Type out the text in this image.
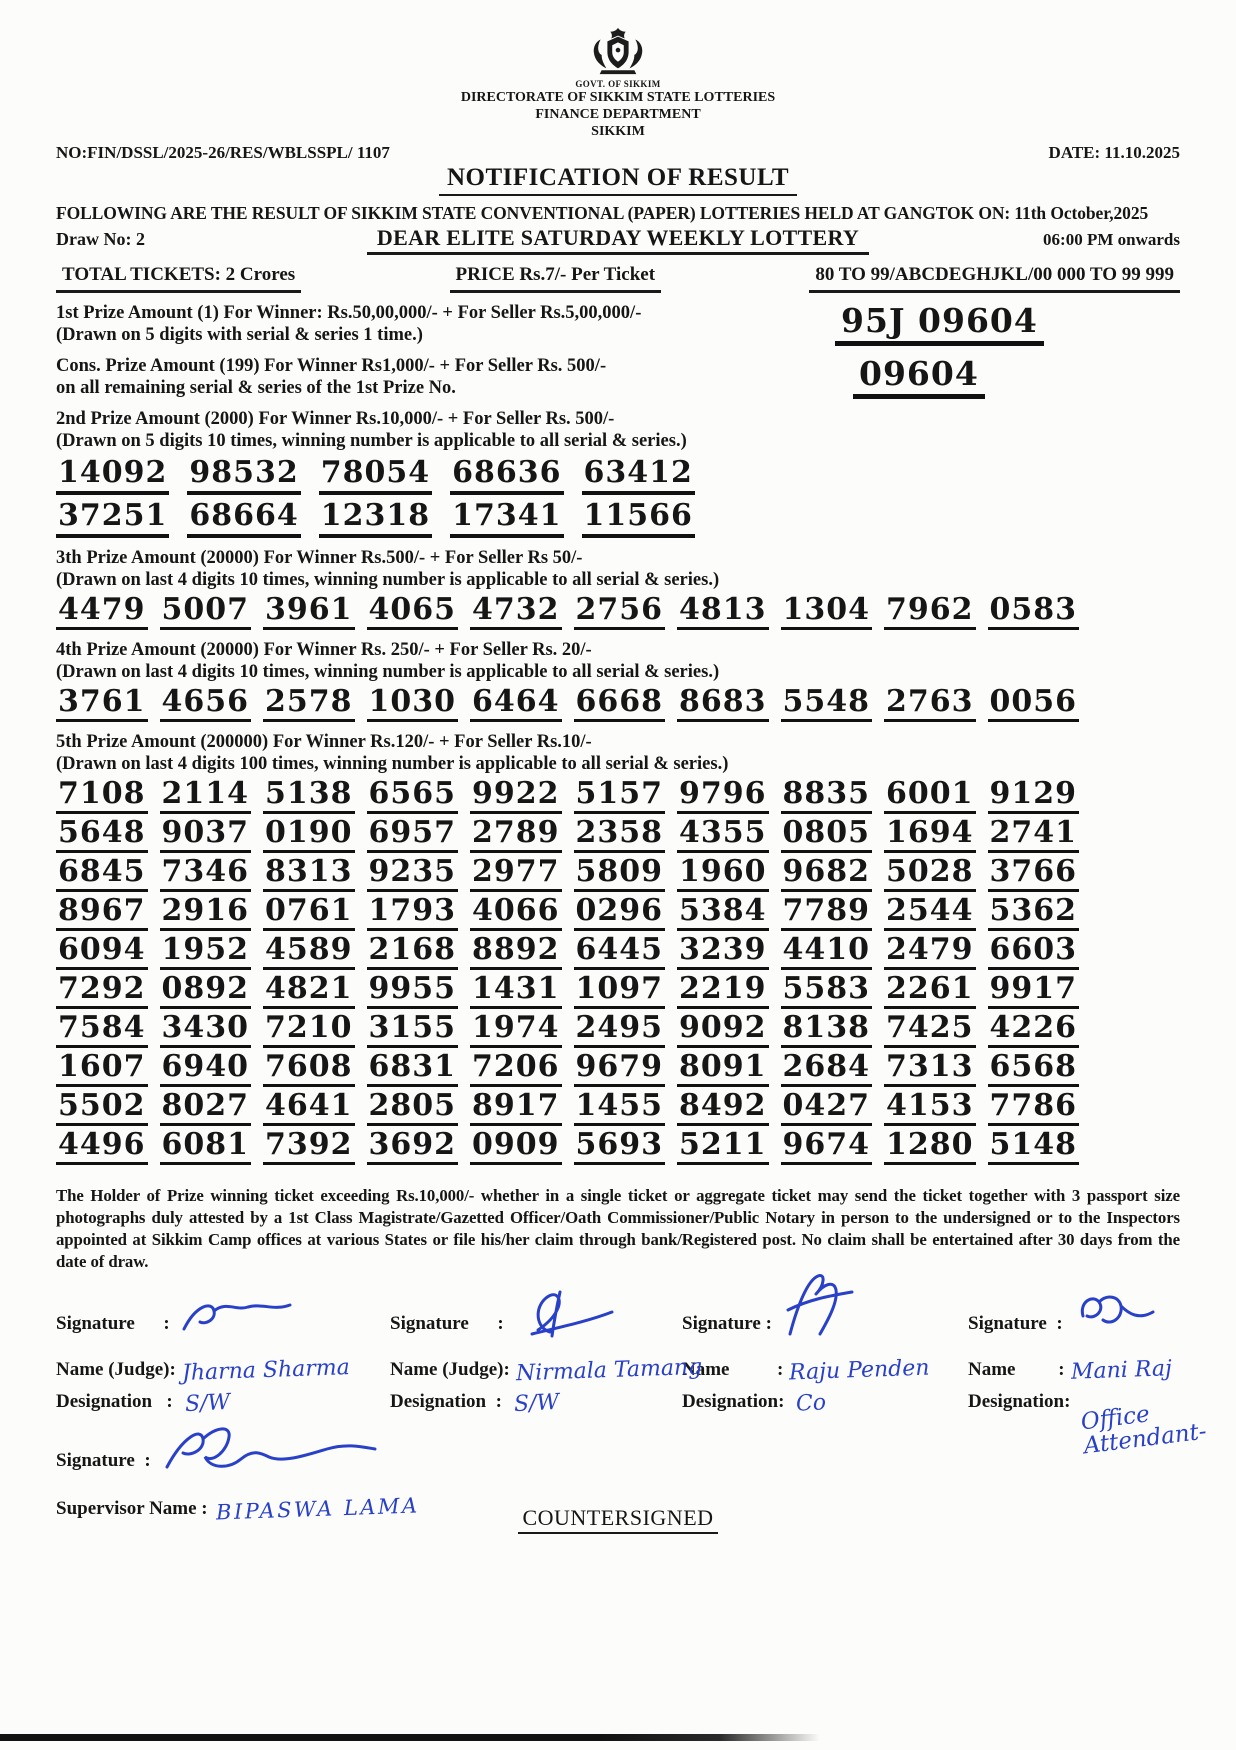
GOVT. OF SIKKIM
DIRECTORATE OF SIKKIM STATE LOTTERIES
FINANCE DEPARTMENT
SIKKIM
NO:FIN/DSSL/2025-26/RES/WBLSSPL/ 1107	DATE: 11.10.2025
NOTIFICATION OF RESULT
FOLLOWING ARE THE RESULT OF SIKKIM STATE CONVENTIONAL (PAPER) LOTTERIES HELD AT GANGTOK ON: 11th October,2025
Draw No: 2	DEAR ELITE SATURDAY WEEKLY LOTTERY	06:00 PM onwards
TOTAL TICKETS: 2 Crores	PRICE Rs.7/- Per Ticket	80 TO 99/ABCDEGHJKL/00 000 TO 99 999
1st Prize Amount (1) For Winner: Rs.50,00,000/- + For Seller Rs.5,00,000/-
(Drawn on 5 digits with serial & series 1 time.)	95J 09604
Cons. Prize Amount (199) For Winner Rs1,000/- + For Seller Rs. 500/-
on all remaining serial & series of the 1st Prize No.	09604
2nd Prize Amount (2000) For Winner Rs.10,000/- + For Seller Rs. 500/-
(Drawn on 5 digits 10 times, winning number is applicable to all serial & series.)
14092 98532 78054 68636 63412
37251 68664 12318 17341 11566
3th Prize Amount (20000) For Winner Rs.500/- + For Seller Rs 50/-
(Drawn on last 4 digits 10 times, winning number is applicable to all serial & series.)
4479 5007 3961 4065 4732 2756 4813 1304 7962 0583
4th Prize Amount (20000) For Winner Rs. 250/- + For Seller Rs. 20/-
(Drawn on last 4 digits 10 times, winning number is applicable to all serial & series.)
3761 4656 2578 1030 6464 6668 8683 5548 2763 0056
5th Prize Amount (200000) For Winner Rs.120/- + For Seller Rs.10/-
(Drawn on last 4 digits 100 times, winning number is applicable to all serial & series.)
7108 2114 5138 6565 9922 5157 9796 8835 6001 9129
5648 9037 0190 6957 2789 2358 4355 0805 1694 2741
6845 7346 8313 9235 2977 5809 1960 9682 5028 3766
8967 2916 0761 1793 4066 0296 5384 7789 2544 5362
6094 1952 4589 2168 8892 6445 3239 4410 2479 6603
7292 0892 4821 9955 1431 1097 2219 5583 2261 9917
7584 3430 7210 3155 1974 2495 9092 8138 7425 4226
1607 6940 7608 6831 7206 9679 8091 2684 7313 6568
5502 8027 4641 2805 8917 1455 8492 0427 4153 7786
4496 6081 7392 3692 0909 5693 5211 9674 1280 5148

The Holder of Prize winning ticket exceeding Rs.10,000/- whether in a single ticket or aggregate ticket may send the ticket together with 3 passport size photographs duly attested by a 1st Class Magistrate/Gazetted Officer/Oath Commissioner/Public Notary in person to the undersigned or to the Inspectors appointed at Sikkim Camp offices at various States or file his/her claim through bank/Registered post. No claim shall be entertained after 30 days from the date of draw.

Signature      :
Name (Judge): Jharna Sharma
Designation   : S/W
Signature      :
Name (Judge): Nirmala Tamang
Designation  : S/W
Signature :
Name          : Raju Penden
Designation: Co
Signature  :
Name         : Mani Raj
Designation: Office Attendant-
Signature  :
Supervisor Name : BIPASWA LAMA	COUNTERSIGNED
